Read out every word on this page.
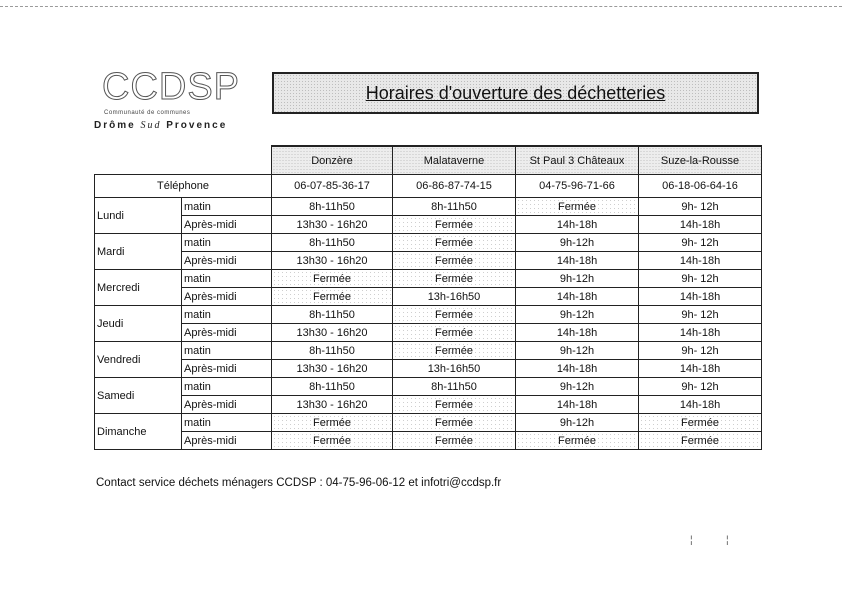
CCDSP
Communauté de communes
Drôme Sud Provence
Horaires d'ouverture des déchetteries
		Donzère	Malataverne	St Paul 3 Châteaux	Suze-la-Rousse
Téléphone		06-07-85-36-17	06-86-87-74-15	04-75-96-71-66	06-18-06-64-16
Lundi	matin	8h-11h50	8h-11h50	Fermée	9h- 12h
	Après-midi	13h30 - 16h20	Fermée	14h-18h	14h-18h
Mardi	matin	8h-11h50	Fermée	9h-12h	9h- 12h
	Après-midi	13h30 - 16h20	Fermée	14h-18h	14h-18h
Mercredi	matin	Fermée	Fermée	9h-12h	9h- 12h
	Après-midi	Fermée	13h-16h50	14h-18h	14h-18h
Jeudi	matin	8h-11h50	Fermée	9h-12h	9h- 12h
	Après-midi	13h30 - 16h20	Fermée	14h-18h	14h-18h
Vendredi	matin	8h-11h50	Fermée	9h-12h	9h- 12h
	Après-midi	13h30 - 16h20	13h-16h50	14h-18h	14h-18h
Samedi	matin	8h-11h50	8h-11h50	9h-12h	9h- 12h
	Après-midi	13h30 - 16h20	Fermée	14h-18h	14h-18h
Dimanche	matin	Fermée	Fermée	9h-12h	Fermée
	Après-midi	Fermée	Fermée	Fermée	Fermée
Contact service déchets ménagers CCDSP : 04-75-96-06-12 et infotri@ccdsp.fr
¦	¦
